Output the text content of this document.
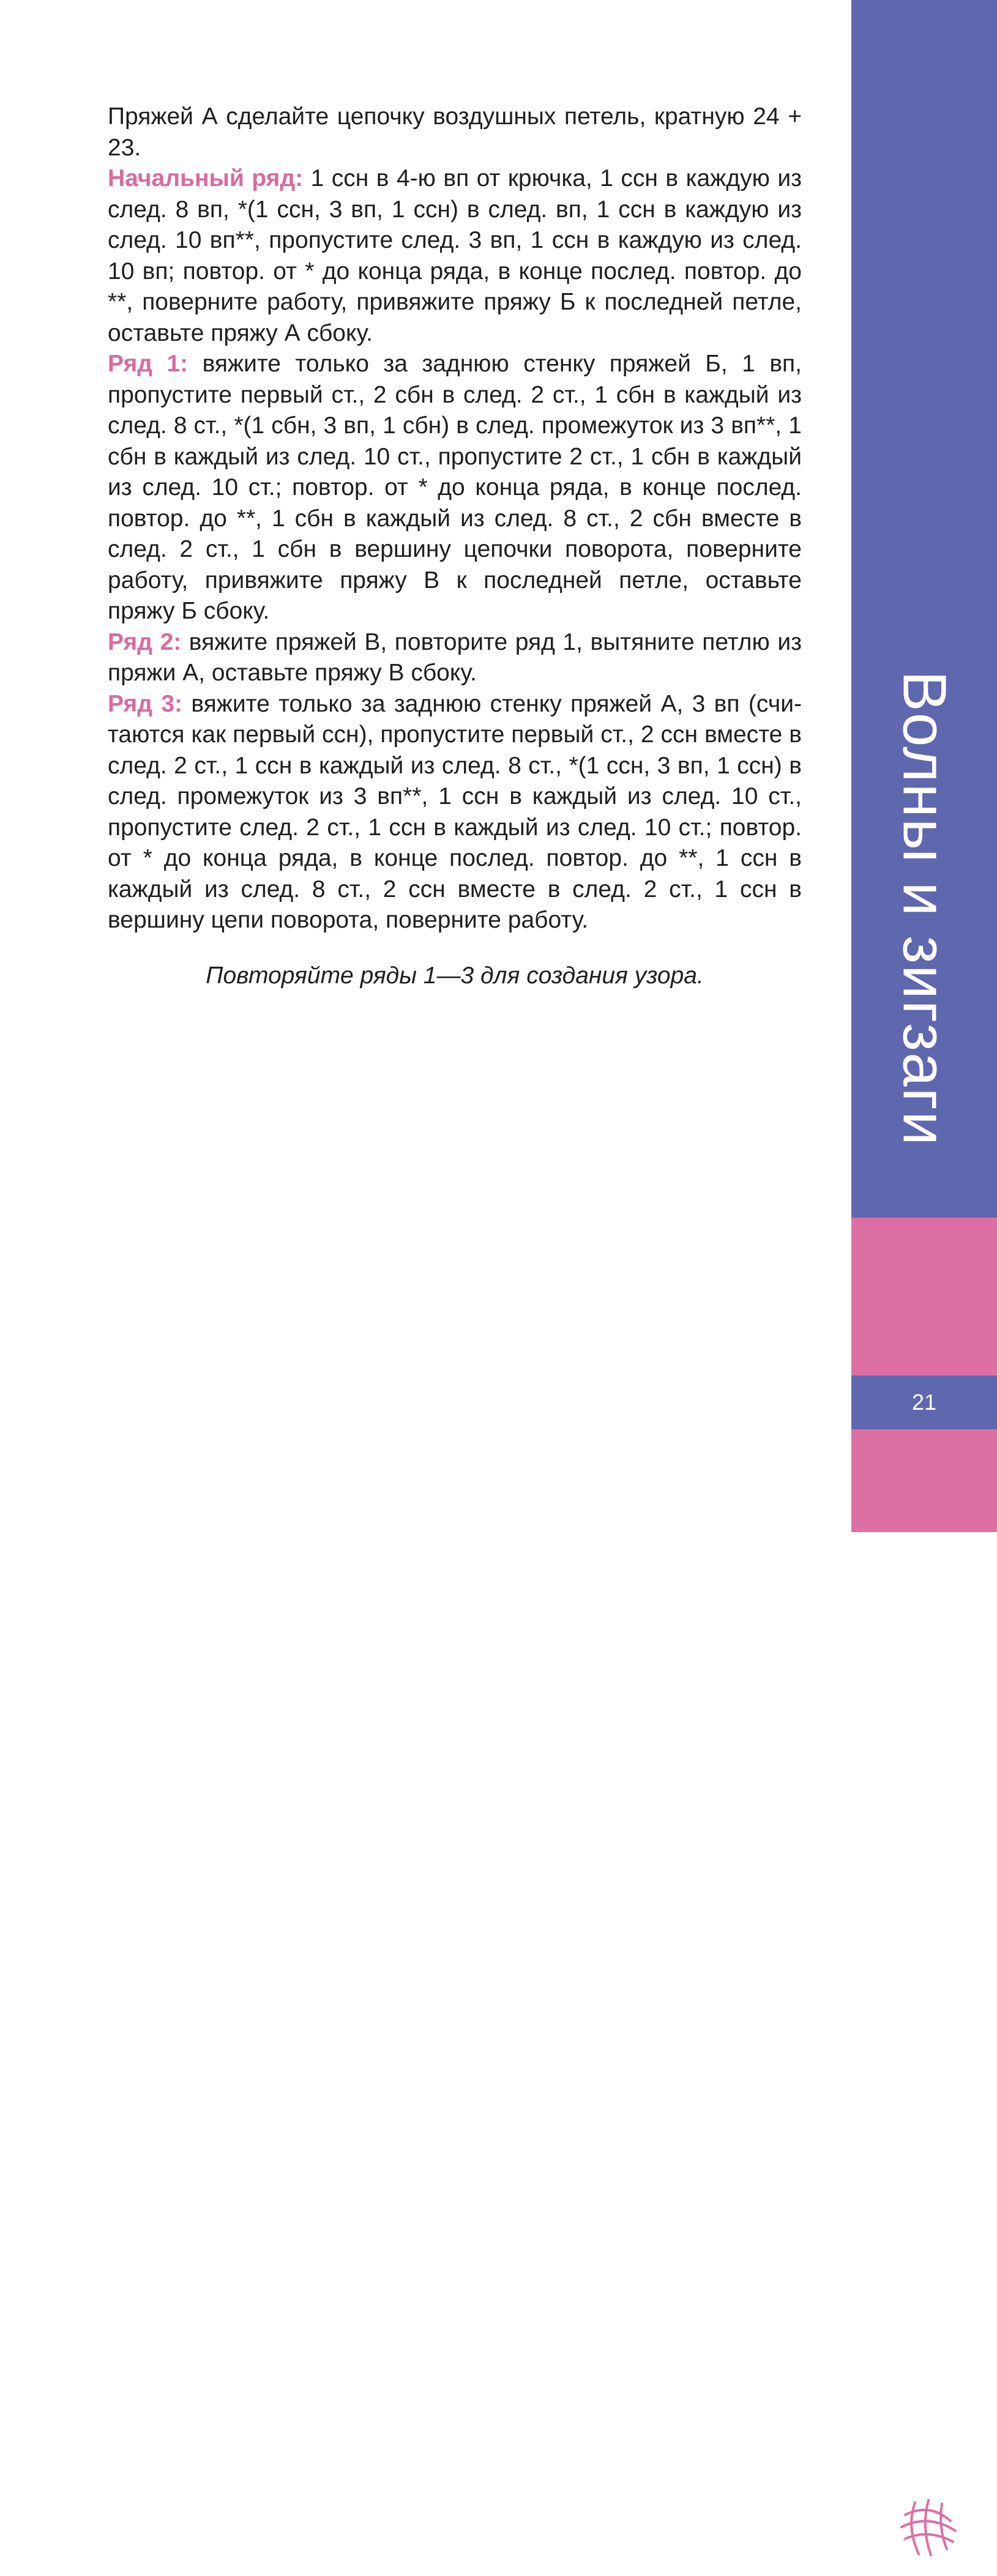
Пряжей А сделайте цепочку воздушных петель, кратную 24 + 23.

Начальный ряд: 1 ссн в 4-ю вп от крючка, 1 ссн в каждую из след. 8 вп, *(1 ссн, 3 вп, 1 ссн) в след. вп, 1 ссн в каждую из след. 10 вп**, пропустите след. 3 вп, 1 ссн в каждую из след. 10 вп; повтор. от * до конца ряда, в конце послед. повтор. до **, поверните работу, привяжите пряжу Б к последней петле, оставьте пряжу А сбоку.

Ряд 1: вяжите только за заднюю стенку пряжей Б, 1 вп, пропустите первый ст., 2 сбн в след. 2 ст., 1 сбн в каждый из след. 8 ст., *(1 сбн, 3 вп, 1 сбн) в след. промежуток из 3 вп**, 1 сбн в каждый из след. 10 ст., пропустите 2 ст., 1 сбн в каждый из след. 10 ст.; повтор. от * до конца ряда, в конце послед. повтор. до **, 1 сбн в каждый из след. 8 ст., 2 сбн вместе в след. 2 ст., 1 сбн в вершину цепочки поворота, поверните работу, привяжите пряжу В к последней петле, оставьте пряжу Б сбоку.

Ряд 2: вяжите пряжей В, повторите ряд 1, вытяните петлю из пряжи А, оставьте пряжу В сбоку.

Ряд 3: вяжите только за заднюю стенку пряжей А, 3 вп (считаются как первый ссн), пропустите первый ст., 2 ссн вместе в след. 2 ст., 1 ссн в каждый из след. 8 ст., *(1 ссн, 3 вп, 1 ссн) в след. промежуток из 3 вп**, 1 ссн в каждый из след. 10 ст., пропустите след. 2 ст., 1 ссн в каждый из след. 10 ст.; повтор. от * до конца ряда, в конце послед. повтор. до **, 1 ссн в каждый из след. 8 ст., 2 ссн вместе в след. 2 ст., 1 ссн в вершину цепи поворота, поверните работу.

Повторяйте ряды 1—3 для создания узора.	Волны и зигзаги
21
